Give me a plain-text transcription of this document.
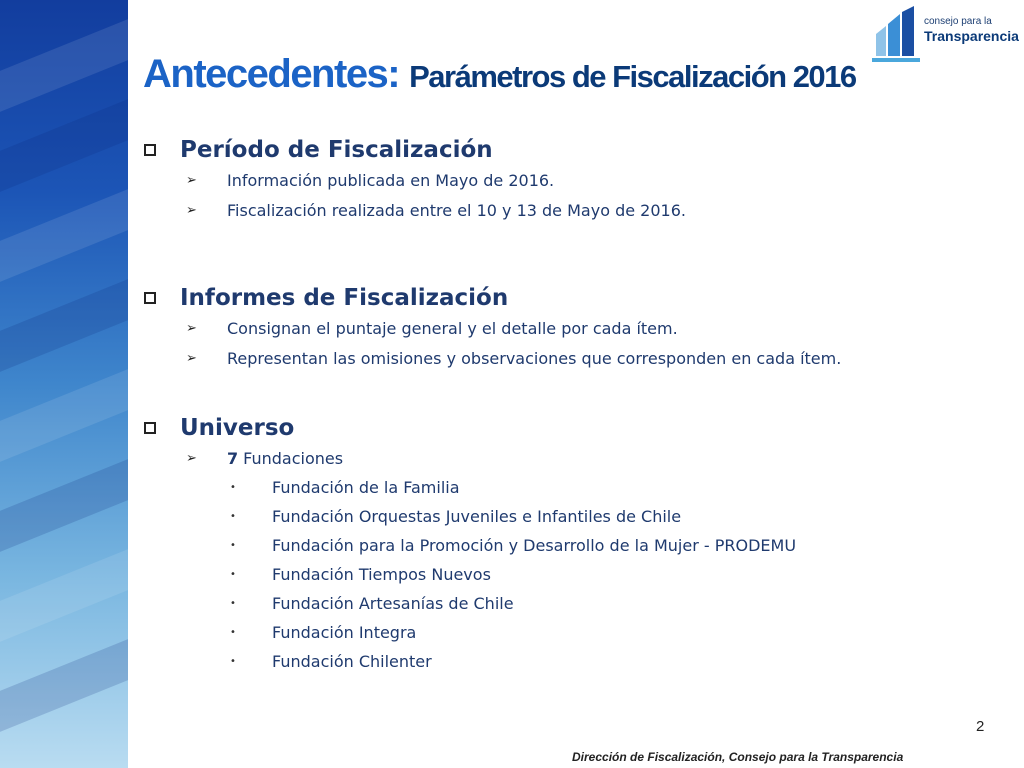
Antecedentes: Parámetros de Fiscalización 2016
consejo para la
Transparencia
Período de Fiscalización
➢ Información publicada en Mayo de 2016.
➢ Fiscalización realizada entre el 10 y 13 de Mayo de 2016.
Informes de Fiscalización
➢ Consignan el puntaje general y el detalle por cada ítem.
➢ Representan las omisiones y observaciones que corresponden en cada ítem.
Universo
➢ 7 Fundaciones
• Fundación de la Familia
• Fundación Orquestas Juveniles e Infantiles de Chile
• Fundación para la Promoción y Desarrollo de la Mujer - PRODEMU
• Fundación Tiempos Nuevos
• Fundación Artesanías de Chile
• Fundación Integra
• Fundación Chilenter
2
Dirección de Fiscalización, Consejo para la Transparencia
